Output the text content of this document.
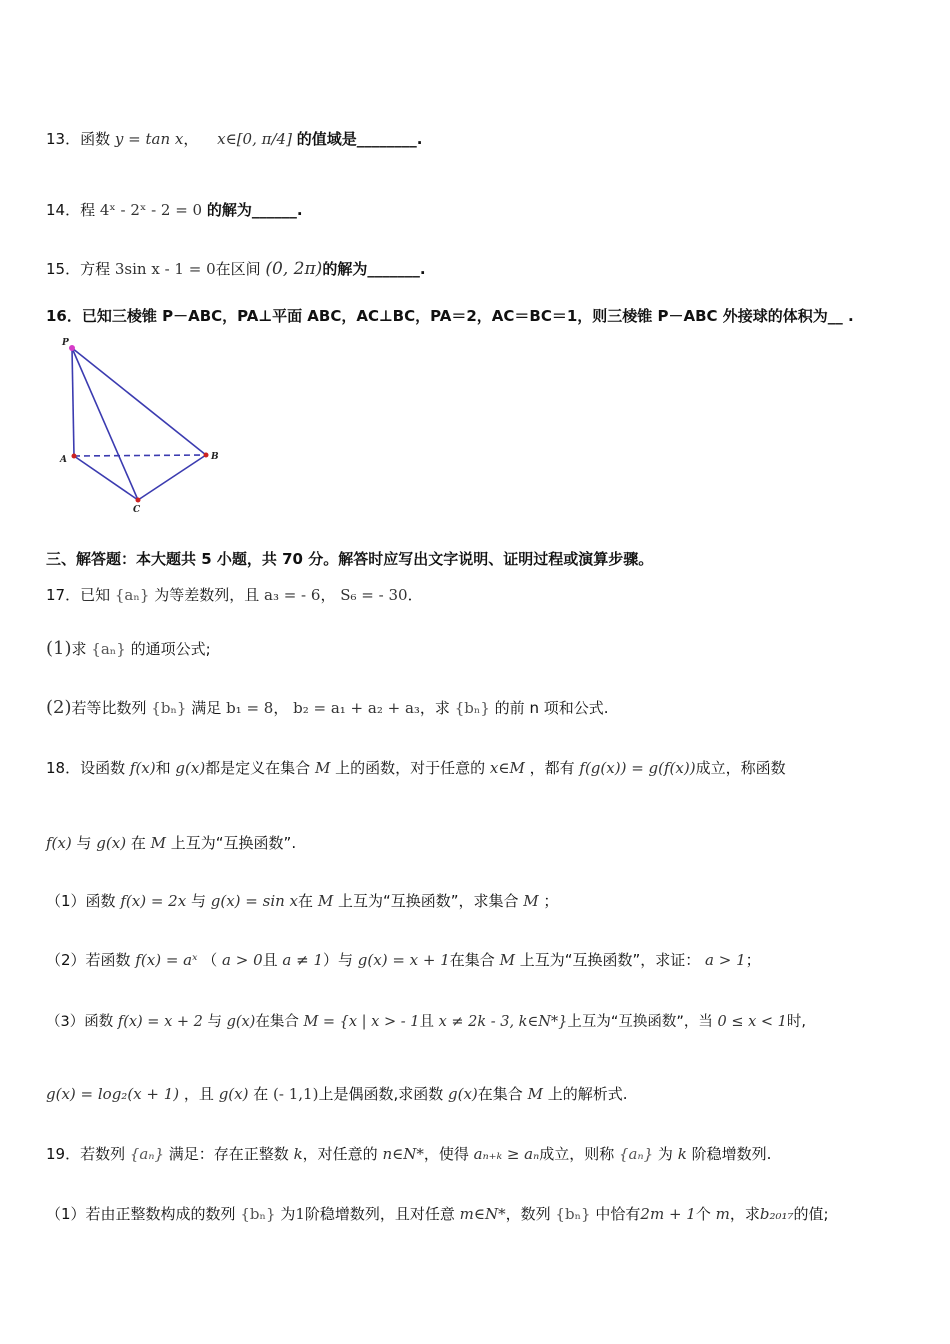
13．函数 y = tan x， x∈[0, π/4] 的值域是________.
14．程 4ˣ - 2ˣ - 2 = 0 的解为______.
15．方程 3sin x - 1 = 0在区间 (0, 2π)的解为_______.
16．已知三棱锥 P－ABC，PA⊥平面 ABC，AC⊥BC，PA＝2，AC＝BC＝1，则三棱锥 P－ABC 外接球的体积为__ .
P
A	B
C
三、解答题：本大题共 5 小题，共 70 分。解答时应写出文字说明、证明过程或演算步骤。
17．已知 {aₙ} 为等差数列，且 a₃ = - 6， S₆ = - 30．
(1)求 {aₙ} 的通项公式;
(2)若等比数列 {bₙ} 满足 b₁ = 8， b₂ = a₁ + a₂ + a₃，求 {bₙ} 的前 n 项和公式.
18．设函数 f(x)和 g(x)都是定义在集合 M 上的函数，对于任意的 x∈M ，都有 f(g(x)) = g(f(x))成立，称函数
f(x) 与 g(x) 在 M 上互为“互换函数”.
（1）函数 f(x) = 2x 与 g(x) = sin x在 M 上互为“互换函数”，求集合 M ；
（2）若函数 f(x) = aˣ （ a > 0且 a ≠ 1）与 g(x) = x + 1在集合 M 上互为“互换函数”，求证： a > 1；
（3）函数 f(x) = x + 2 与 g(x)在集合 M = {x | x > - 1且 x ≠ 2k - 3, k∈N*}上互为“互换函数”，当 0 ≤ x < 1时,
g(x) = log₂(x + 1) ，且 g(x) 在 (- 1,1)上是偶函数,求函数 g(x)在集合 M 上的解析式.
19．若数列 {aₙ} 满足：存在正整数 k，对任意的 n∈N*，使得 aₙ₊ₖ ≥ aₙ成立，则称 {aₙ} 为 k 阶稳增数列.
（1）若由正整数构成的数列 {bₙ} 为1阶稳增数列，且对任意 m∈N*，数列 {bₙ} 中恰有2m + 1个 m，求b₂₀₁₇的值;
